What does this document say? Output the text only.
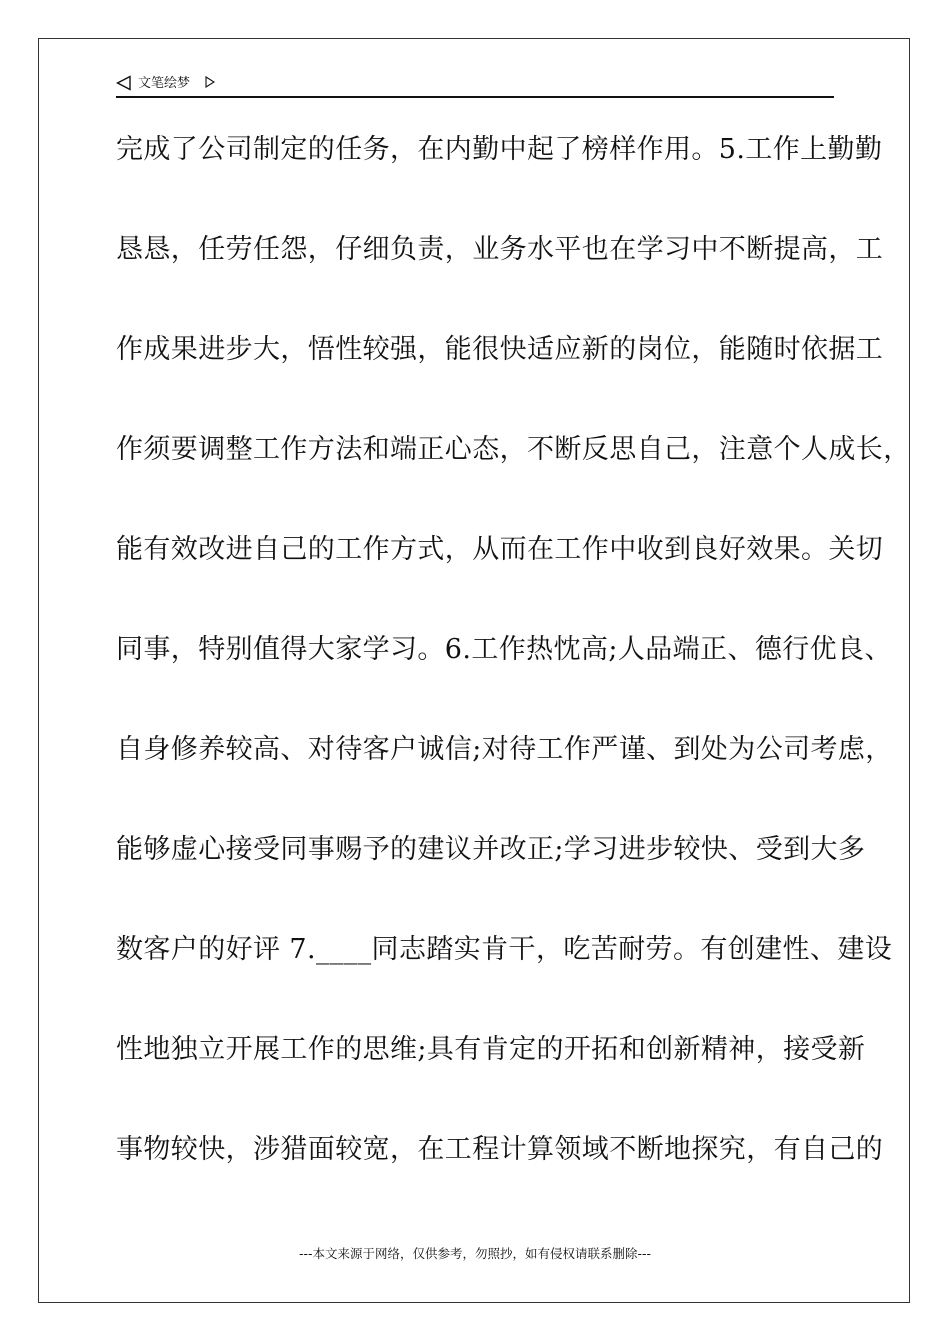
文笔绘梦
完成了公司制定的任务，在内勤中起了榜样作用。5.工作上勤勤
恳恳，任劳任怨，仔细负责，业务水平也在学习中不断提高，工
作成果进步大，悟性较强，能很快适应新的岗位，能随时依据工
作须要调整工作方法和端正心态，不断反思自己，注意个人成长，
能有效改进自己的工作方式，从而在工作中收到良好效果。关切
同事，特别值得大家学习。6.工作热忱高;人品端正、德行优良、
自身修养较高、对待客户诚信;对待工作严谨、到处为公司考虑，
能够虚心接受同事赐予的建议并改正;学习进步较快、受到大多
数客户的好评 7.____同志踏实肯干，吃苦耐劳。有创建性、建设
性地独立开展工作的思维;具有肯定的开拓和创新精神，接受新
事物较快，涉猎面较宽，在工程计算领域不断地探究，有自己的
---本文来源于网络，仅供参考，勿照抄，如有侵权请联系删除---
